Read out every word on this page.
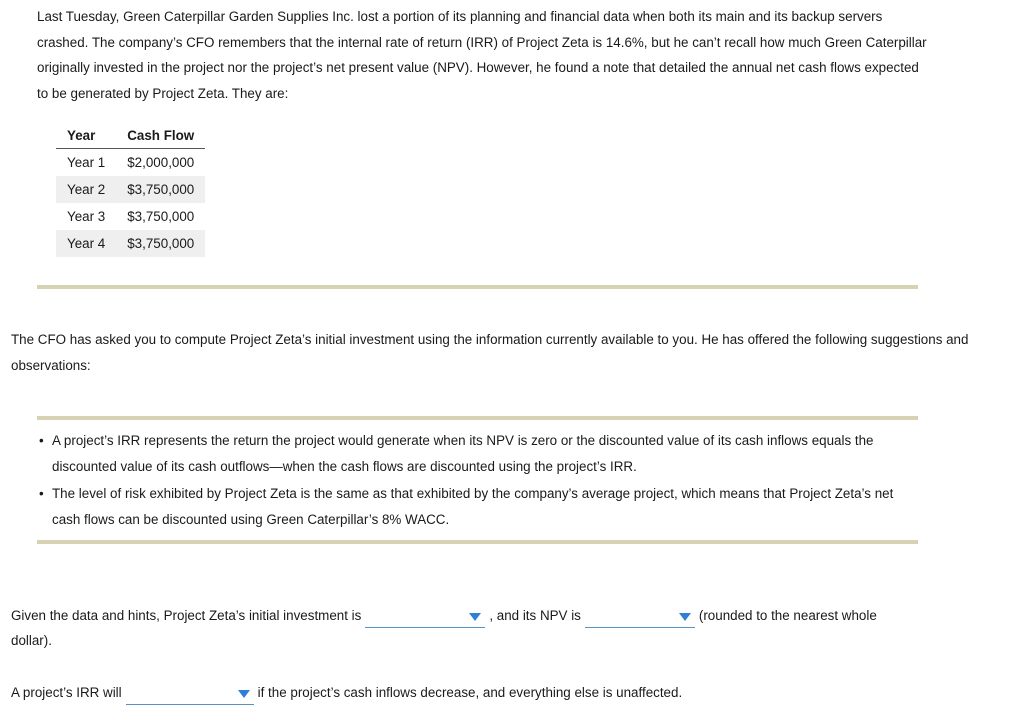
Last Tuesday, Green Caterpillar Garden Supplies Inc. lost a portion of its planning and financial data when both its main and its backup servers crashed. The company’s CFO remembers that the internal rate of return (IRR) of Project Zeta is 14.6%, but he can’t recall how much Green Caterpillar originally invested in the project nor the project’s net present value (NPV). However, he found a note that detailed the annual net cash flows expected to be generated by Project Zeta. They are:

Year	Cash Flow
Year 1	$2,000,000
Year 2	$3,750,000
Year 3	$3,750,000
Year 4	$3,750,000

The CFO has asked you to compute Project Zeta’s initial investment using the information currently available to you. He has offered the following suggestions and observations:

• A project’s IRR represents the return the project would generate when its NPV is zero or the discounted value of its cash inflows equals the discounted value of its cash outflows—when the cash flows are discounted using the project’s IRR.
• The level of risk exhibited by Project Zeta is the same as that exhibited by the company’s average project, which means that Project Zeta’s net cash flows can be discounted using Green Caterpillar’s 8% WACC.
Given the data and hints, Project Zeta’s initial investment is	, and its NPV is	(rounded to the nearest whole
dollar).
A project’s IRR will	if the project’s cash inflows decrease, and everything else is unaffected.
